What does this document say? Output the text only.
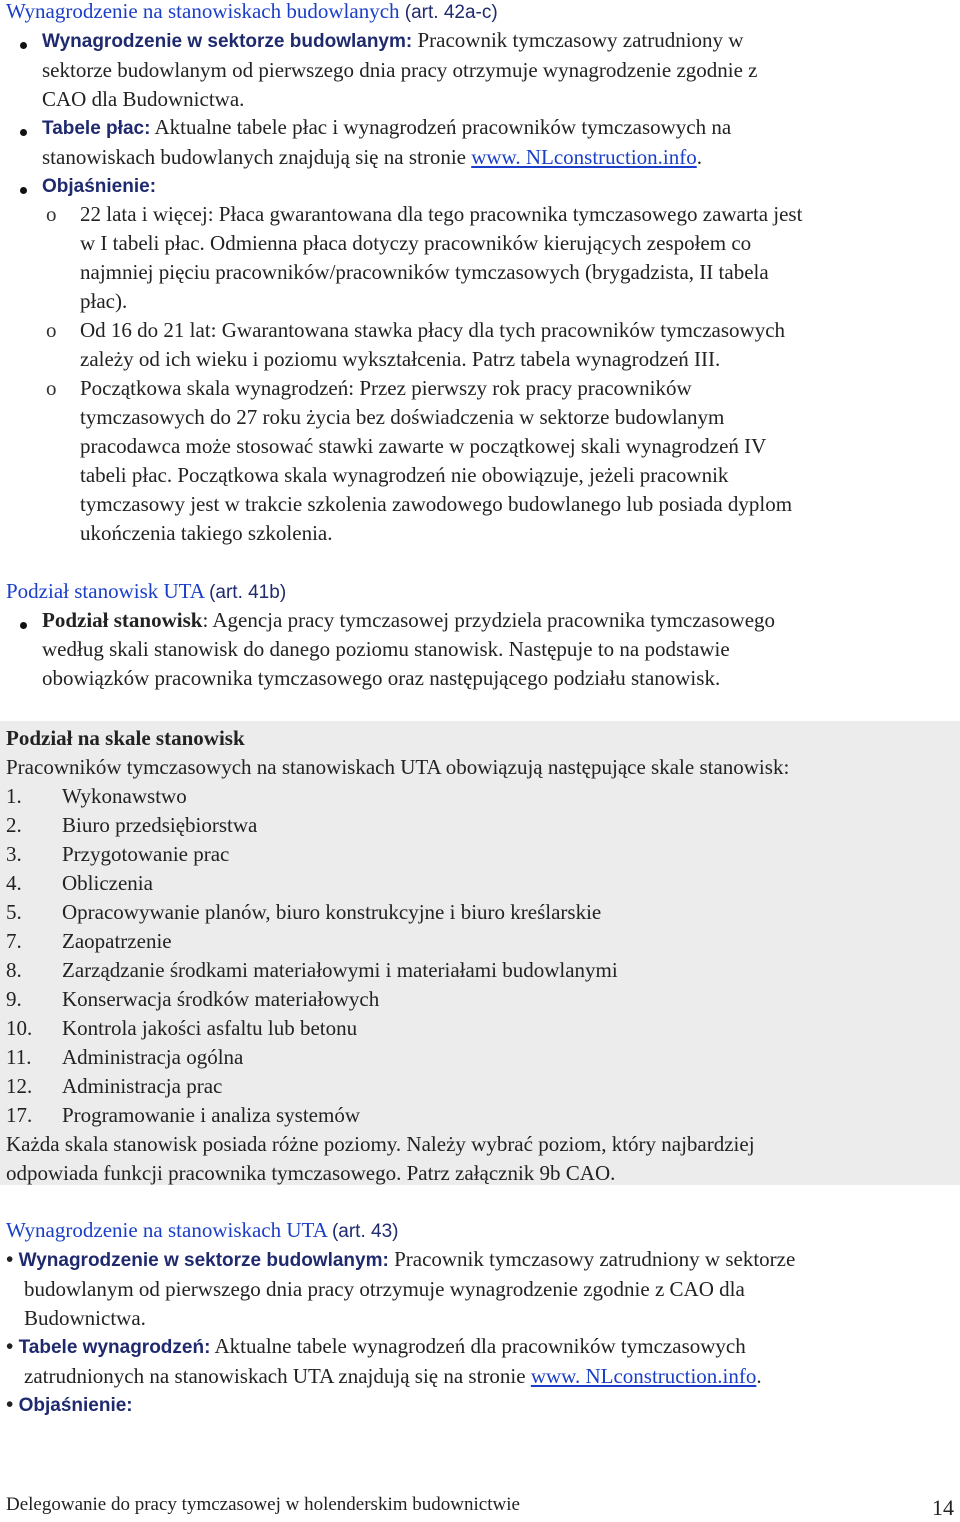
Wynagrodzenie na stanowiskach budowlanych (art. 42a-c)

Wynagrodzenie w sektorze budowlanym: Pracownik tymczasowy zatrudniony w

sektorze budowlanym od pierwszego dnia pracy otrzymuje wynagrodzenie zgodnie z

CAO dla Budownictwa.

Tabele płac: Aktualne tabele płac i wynagrodzeń pracowników tymczasowych na

stanowiskach budowlanych znajdują się na stronie www. NLconstruction.info.

Objaśnienie:

o 22 lata i więcej: Płaca gwarantowana dla tego pracownika tymczasowego zawarta jest

w I tabeli płac. Odmienna płaca dotyczy pracowników kierujących zespołem co

najmniej pięciu pracowników/pracowników tymczasowych (brygadzista, II tabela

płac).

o Od 16 do 21 lat: Gwarantowana stawka płacy dla tych pracowników tymczasowych

zależy od ich wieku i poziomu wykształcenia. Patrz tabela wynagrodzeń III.

o Początkowa skala wynagrodzeń: Przez pierwszy rok pracy pracowników

tymczasowych do 27 roku życia bez doświadczenia w sektorze budowlanym

pracodawca może stosować stawki zawarte w początkowej skali wynagrodzeń IV

tabeli płac. Początkowa skala wynagrodzeń nie obowiązuje, jeżeli pracownik

tymczasowy jest w trakcie szkolenia zawodowego budowlanego lub posiada dyplom

ukończenia takiego szkolenia.

Podział stanowisk UTA (art. 41b)

Podział stanowisk: Agencja pracy tymczasowej przydziela pracownika tymczasowego

według skali stanowisk do danego poziomu stanowisk. Następuje to na podstawie

obowiązków pracownika tymczasowego oraz następującego podziału stanowisk.

Podział na skale stanowisk

Pracowników tymczasowych na stanowiskach UTA obowiązują następujące skale stanowisk:

1. Wykonawstwo

2. Biuro przedsiębiorstwa

3. Przygotowanie prac

4. Obliczenia

5. Opracowywanie planów, biuro konstrukcyjne i biuro kreślarskie

7. Zaopatrzenie

8. Zarządzanie środkami materiałowymi i materiałami budowlanymi

9. Konserwacja środków materiałowych

10. Kontrola jakości asfaltu lub betonu

11. Administracja ogólna

12. Administracja prac

17. Programowanie i analiza systemów

Każda skala stanowisk posiada różne poziomy. Należy wybrać poziom, który najbardziej

odpowiada funkcji pracownika tymczasowego. Patrz załącznik 9b CAO.

Wynagrodzenie na stanowiskach UTA (art. 43)

• Wynagrodzenie w sektorze budowlanym: Pracownik tymczasowy zatrudniony w sektorze

budowlanym od pierwszego dnia pracy otrzymuje wynagrodzenie zgodnie z CAO dla

Budownictwa.

• Tabele wynagrodzeń: Aktualne tabele wynagrodzeń dla pracowników tymczasowych

zatrudnionych na stanowiskach UTA znajdują się na stronie www. NLconstruction.info.

• Objaśnienie:

Delegowanie do pracy tymczasowej w holenderskim budownictwie	14
